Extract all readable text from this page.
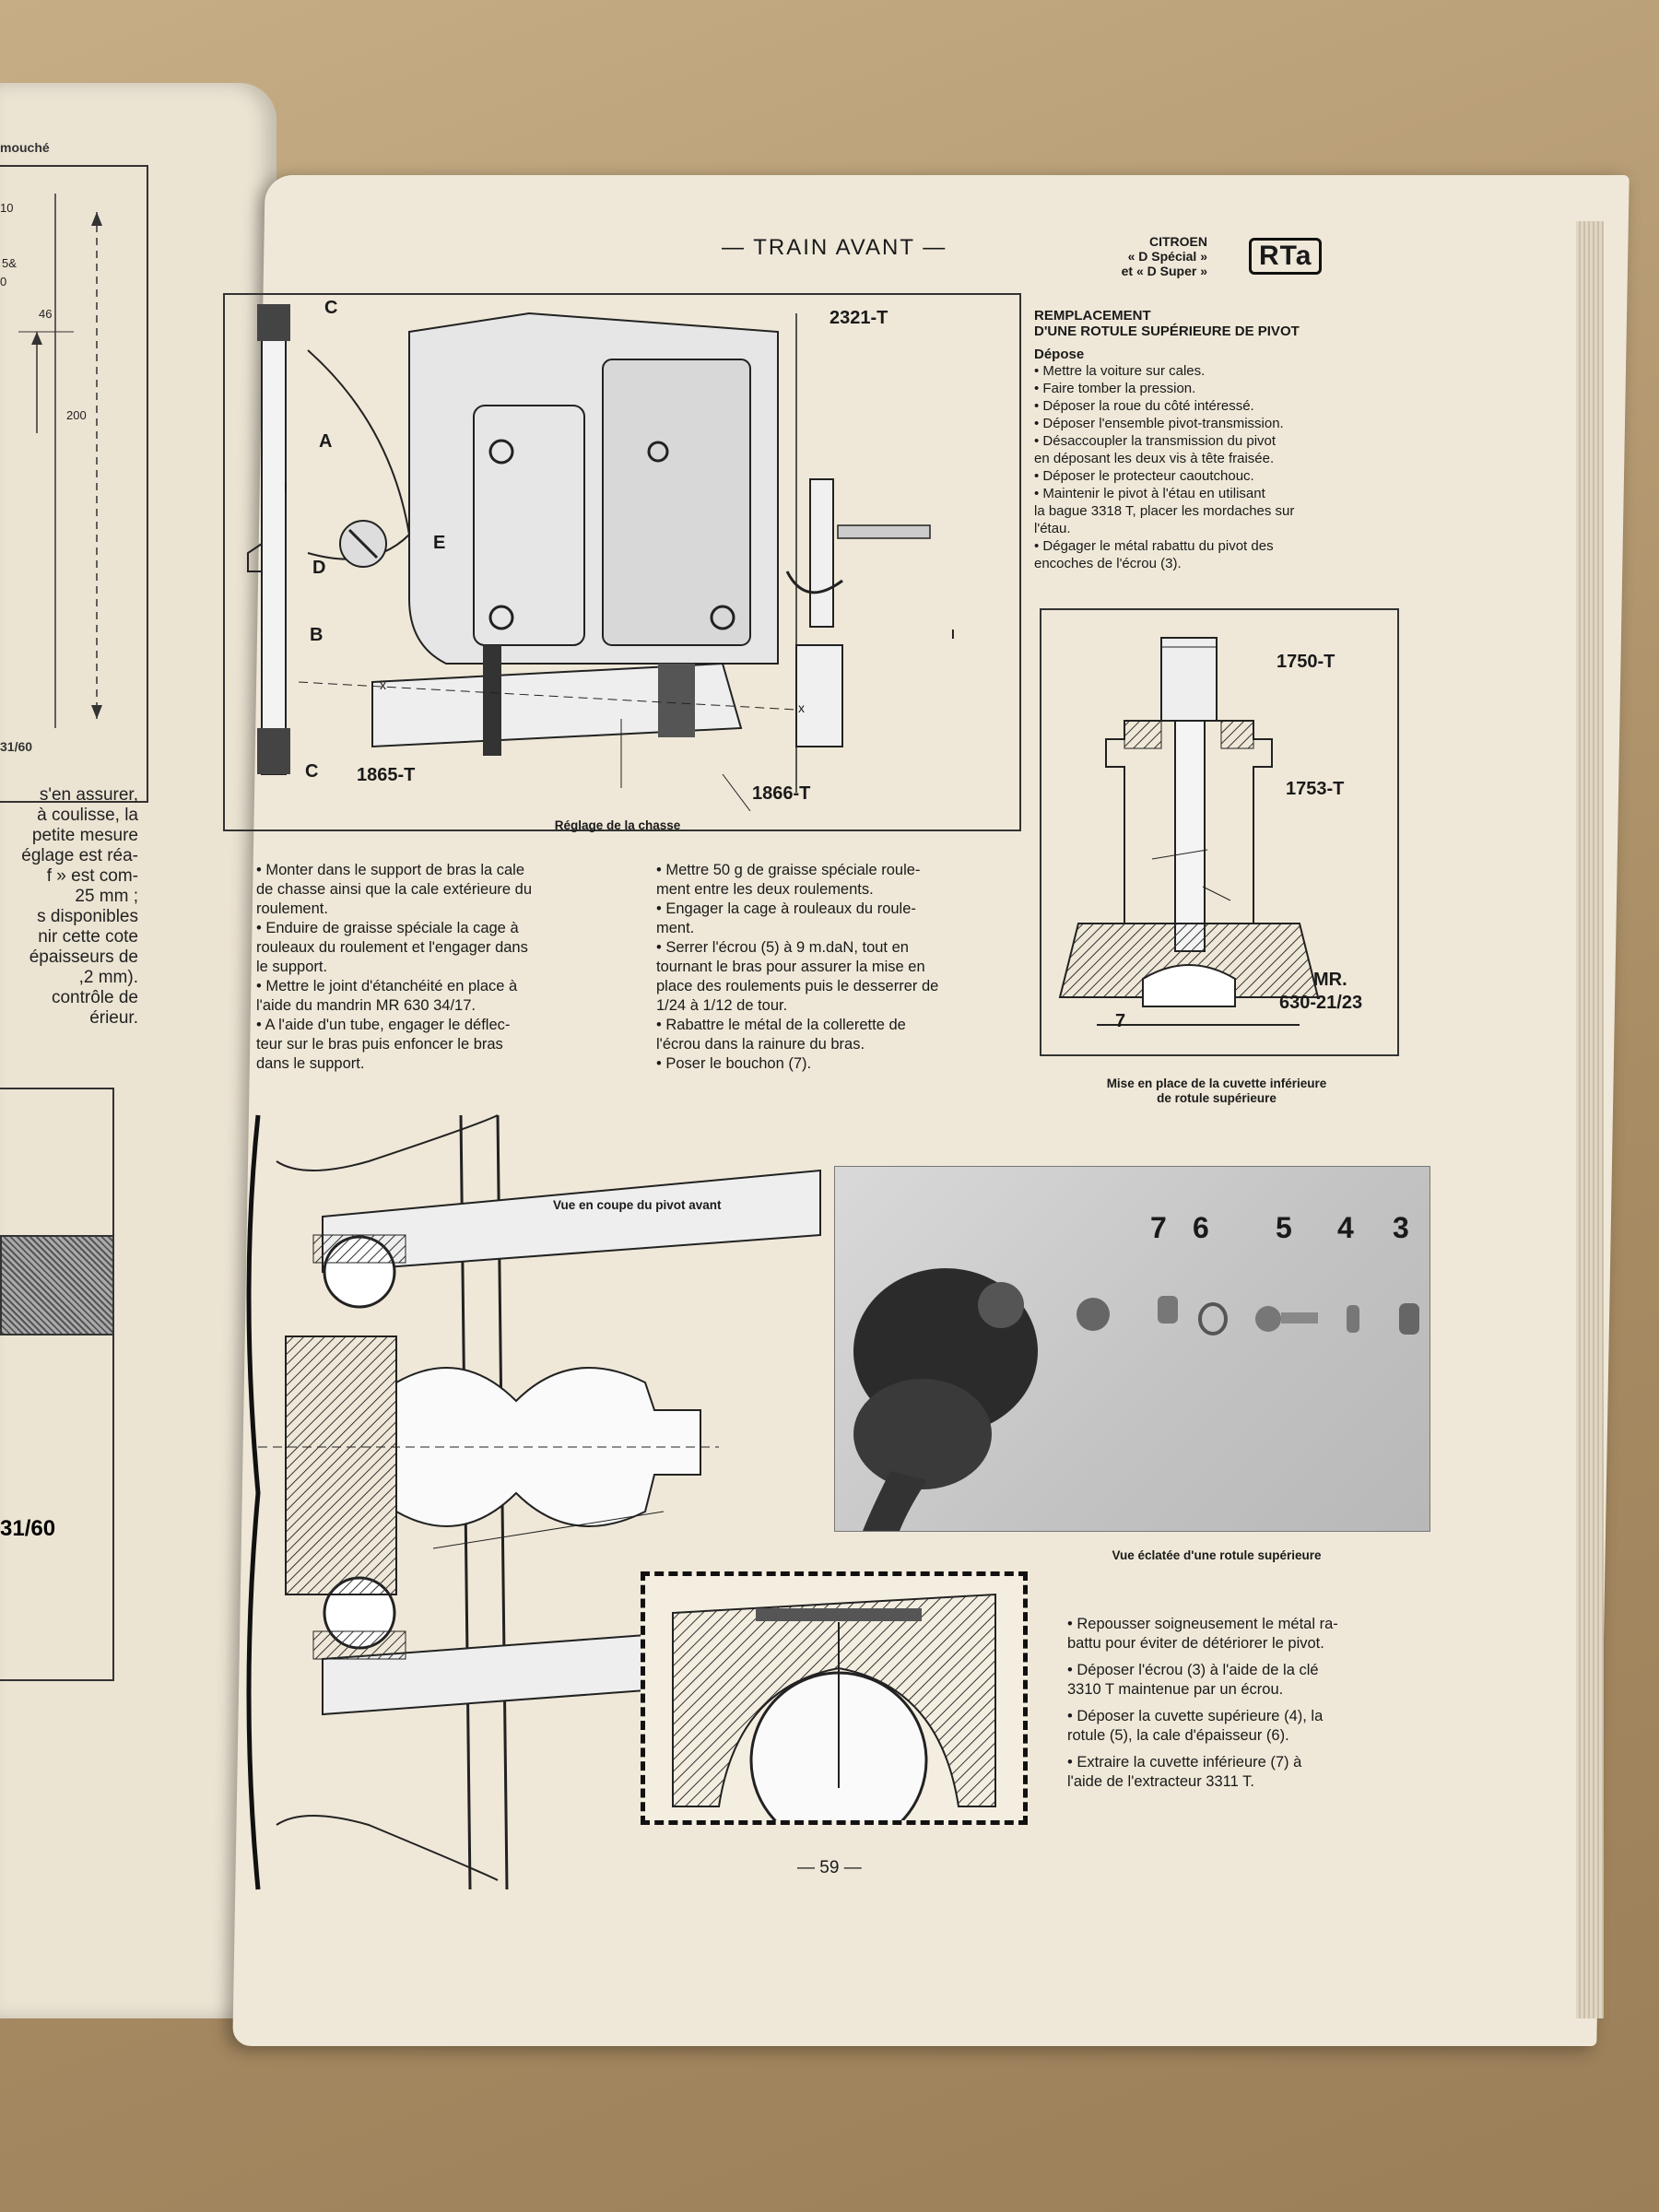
mouché
10
5&
0
46
200
31/60
s'en assurer,
à coulisse, la
petite mesure
églage est réa-
f » est com-
25 mm ;
s disponibles
nir cette cote
épaisseurs de
,2 mm).
contrôle de
érieur.
31/60
— TRAIN AVANT —	CITROEN
« D Spécial »
et « D Super »	RTa
C
A
l
E
D
B
C
x
x
l
2321-T
1865-T
1866-T
Réglage de la chasse
REMPLACEMENT
D'UNE ROTULE SUPÉRIEURE DE PIVOT
Dépose
• Mettre la voiture sur cales.
• Faire tomber la pression.
• Déposer la roue du côté intéressé.
• Déposer l'ensemble pivot-transmission.
• Désaccoupler la transmission du pivot
en déposant les deux vis à tête fraisée.
• Déposer le protecteur caoutchouc.
• Maintenir le pivot à l'étau en utilisant
la bague 3318 T, placer les mordaches sur
l'étau.
• Dégager le métal rabattu du pivot des
encoches de l'écrou (3).
1750-T
1753-T
MR.
630-21/23
7
Mise en place de la cuvette inférieure
de rotule supérieure
• Monter dans le support de bras la cale
de chasse ainsi que la cale extérieure du
roulement.
• Enduire de graisse spéciale la cage à
rouleaux du roulement et l'engager dans
le support.
• Mettre le joint d'étanchéité en place à
l'aide du mandrin MR 630 34/17.
• A l'aide d'un tube, engager le déflec-
teur sur le bras puis enfoncer le bras
dans le support.
• Mettre 50 g de graisse spéciale roule-
ment entre les deux roulements.
• Engager la cage à rouleaux du roule-
ment.
• Serrer l'écrou (5) à 9 m.daN, tout en
tournant le bras pour assurer la mise en
place des roulements puis le desserrer de
1/24 à 1/12 de tour.
• Rabattre le métal de la collerette de
l'écrou dans la rainure du bras.
• Poser le bouchon (7).
Vue en coupe du pivot avant
7 6 5 4 3
Vue éclatée d'une rotule supérieure
• Repousser soigneusement le métal ra-
battu pour éviter de détériorer le pivot.
• Déposer l'écrou (3) à l'aide de la clé
3310 T maintenue par un écrou.
• Déposer la cuvette supérieure (4), la
rotule (5), la cale d'épaisseur (6).
• Extraire la cuvette inférieure (7) à
l'aide de l'extracteur 3311 T.
— 59 —
